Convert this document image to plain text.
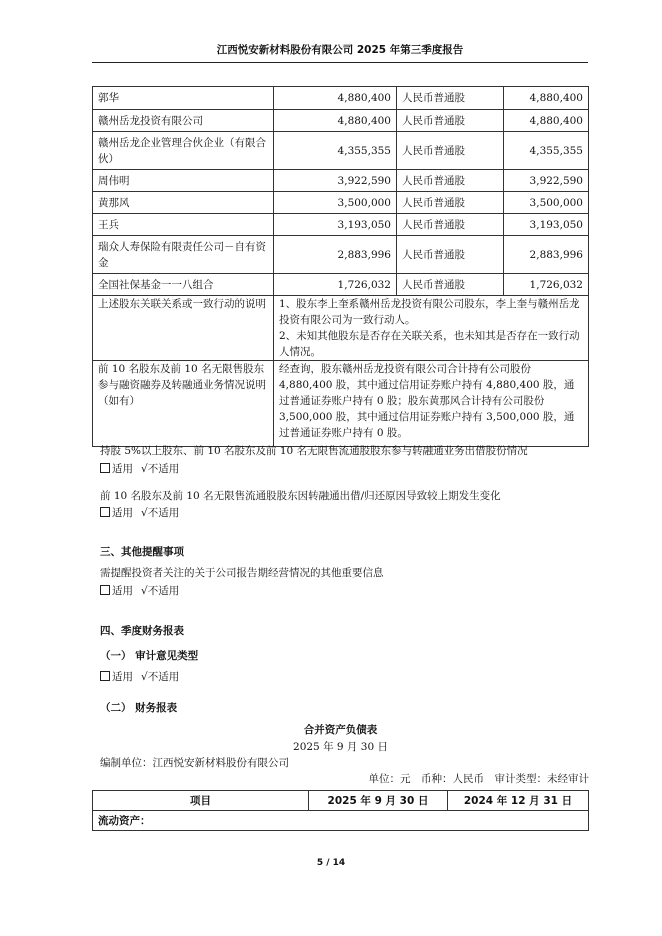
江西悦安新材料股份有限公司 2025 年第三季度报告
郭华	4,880,400	人民币普通股	4,880,400
赣州岳龙投资有限公司	4,880,400	人民币普通股	4,880,400
赣州岳龙企业管理合伙企业（有限合伙）	4,355,355	人民币普通股	4,355,355
周伟明	3,922,590	人民币普通股	3,922,590
黄那风	3,500,000	人民币普通股	3,500,000
王兵	3,193,050	人民币普通股	3,193,050
瑞众人寿保险有限责任公司－自有资金	2,883,996	人民币普通股	2,883,996
全国社保基金一一八组合	1,726,032	人民币普通股	1,726,032
上述股东关联关系或一致行动的说明	1、股东李上奎系赣州岳龙投资有限公司股东，李上奎与赣州岳龙投资有限公司为一致行动人。
2、未知其他股东是否存在关联关系，也未知其是否存在一致行动人情况。		

前 10 名股东及前 10 名无限售股东参与融资融券及转融通业务情况说明（如有）	经查询，股东赣州岳龙投资有限公司合计持有公司股份 4,880,400 股，其中通过信用证券账户持有 4,880,400 股，通过普通证券账户持有 0 股；股东黄那风合计持有公司股份 3,500,000 股，其中通过信用证券账户持有 3,500,000 股，通过普通证券账户持有 0 股。		
持股 5%以上股东、前 10 名股东及前 10 名无限售流通股股东参与转融通业务出借股份情况
适用 √不适用
前 10 名股东及前 10 名无限售流通股股东因转融通出借/归还原因导致较上期发生变化
适用 √不适用
三、其他提醒事项
需提醒投资者关注的关于公司报告期经营情况的其他重要信息
适用 √不适用
四、季度财务报表
（一） 审计意见类型
适用 √不适用
（二） 财务报表
合并资产负债表
2025 年 9 月 30 日
编制单位：江西悦安新材料股份有限公司
单位：元　币种：人民币　审计类型：未经审计
项目	2025 年 9 月 30 日	2024 年 12 月 31 日
流动资产：
5 / 14
